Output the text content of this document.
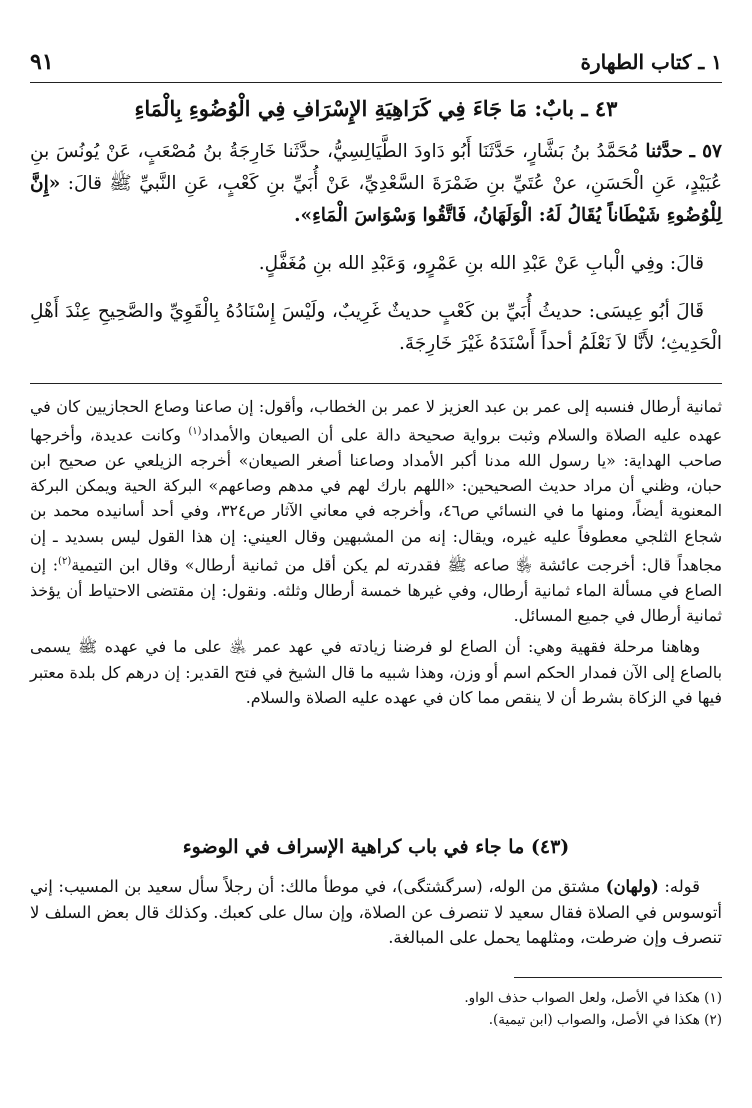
١ ـ كتاب الطهارة
٩١
٤٣ ـ بابٌ: مَا جَاءَ فِي كَرَاهِيَةِ الإِسْرَافِ فِي الْوُضُوءِ بِالْمَاءِ

٥٧ ـ حدَّثنا مُحَمَّدُ بنُ بَشَّارٍ، حَدَّثَنَا أَبُو دَاودَ الطَّيَالِسِيُّ، حدَّثَنا خَارِجَةُ بنُ مُصْعَبٍ، عَنْ يُونُسَ بنِ عُبَيْدٍ، عَنِ الْحَسَنِ، عنْ عُتَيِّ بنِ ضَمْرَةَ السَّعْدِيِّ، عَنْ أُبَيِّ بنِ كَعْبٍ، عَنِ النَّبيِّ ﷺ قالَ: «إِنَّ لِلْوُضُوءِ شَيْطَاناً يُقَالُ لَهُ: الْوَلَهَانُ، فَاتَّقُوا وَسْوَاسَ الْمَاءِ».

قالَ: وفِي الْبابِ عَنْ عَبْدِ الله بنِ عَمْرٍو، وَعَبْدِ الله بنِ مُغَفَّلٍ.

قَالَ أبُو عِيسَى: حديثُ أُبَيِّ بن كَعْبٍ حديثٌ غَرِيبٌ، ولَيْسَ إِسْنَادُهُ بِالْقَوِيِّ والصَّحِيحِ عِنْدَ أَهْلِ الْحَدِيثِ؛ لأَنَّا لاَ نَعْلَمُ أحداً أَسْنَدَهُ غَيْرَ خَارِجَةَ.

ثمانية أرطال فنسبه إلى عمر بن عبد العزيز لا عمر بن الخطاب، وأقول: إن صاعنا وصاع الحجازيين كان في عهده عليه الصلاة والسلام وثبت برواية صحيحة دالة على أن الصيعان والأمداد$^{(١)}$ وكانت عديدة، وأخرجها صاحب الهداية: «يا رسول الله مدنا أكبر الأمداد وصاعنا أصغر الصيعان» أخرجه الزيلعي عن صحيح ابن حبان، وظني أن مراد حديث الصحيحين: «اللهم بارك لهم في مدهم وصاعهم» البركة الحية ويمكن البركة المعنوية أيضاً، ومنها ما في النسائي ص٤٦، وأخرجه في معاني الآثار ص٣٢٤، وفي أحد أسانيده محمد بن شجاع الثلجي معطوفاً عليه غيره، ويقال: إنه من المشبهين وقال العيني: إن هذا القول ليس بسديد ـ إن مجاهداً قال: أخرجت عائشة ﵂ صاعه ﷺ فقدرته لم يكن أقل من ثمانية أرطال» وقال ابن التيمية$^{(٢)}$: إن الصاع في مسألة الماء ثمانية أرطال، وفي غيرها خمسة أرطال وثلثه. ونقول: إن مقتضى الاحتياط أن يؤخذ ثمانية أرطال في جميع المسائل.

وهاهنا مرحلة فقهية وهي: أن الصاع لو فرضنا زيادته في عهد عمر ﵁ على ما في عهده ﷺ يسمى بالصاع إلى الآن فمدار الحكم اسم أو وزن، وهذا شبيه ما قال الشيخ في فتح القدير: إن درهم كل بلدة معتبر فيها في الزكاة بشرط أن لا ينقص مما كان في عهده عليه الصلاة والسلام.

(٤٣) ما جاء في باب كراهية الإسراف في الوضوء

قوله: (ولهان) مشتق من الوله، (سرگشتگی)، في موطأ مالك: أن رجلاً سأل سعيد بن المسيب: إني أتوسوس في الصلاة فقال سعيد لا تنصرف عن الصلاة، وإن سال على كعبك. وكذلك قال بعض السلف لا تنصرف وإن ضرطت، ومثلهما يحمل على المبالغة.

(١) هكذا في الأصل، ولعل الصواب حذف الواو.

(٢) هكذا في الأصل، والصواب (ابن تيمية).
